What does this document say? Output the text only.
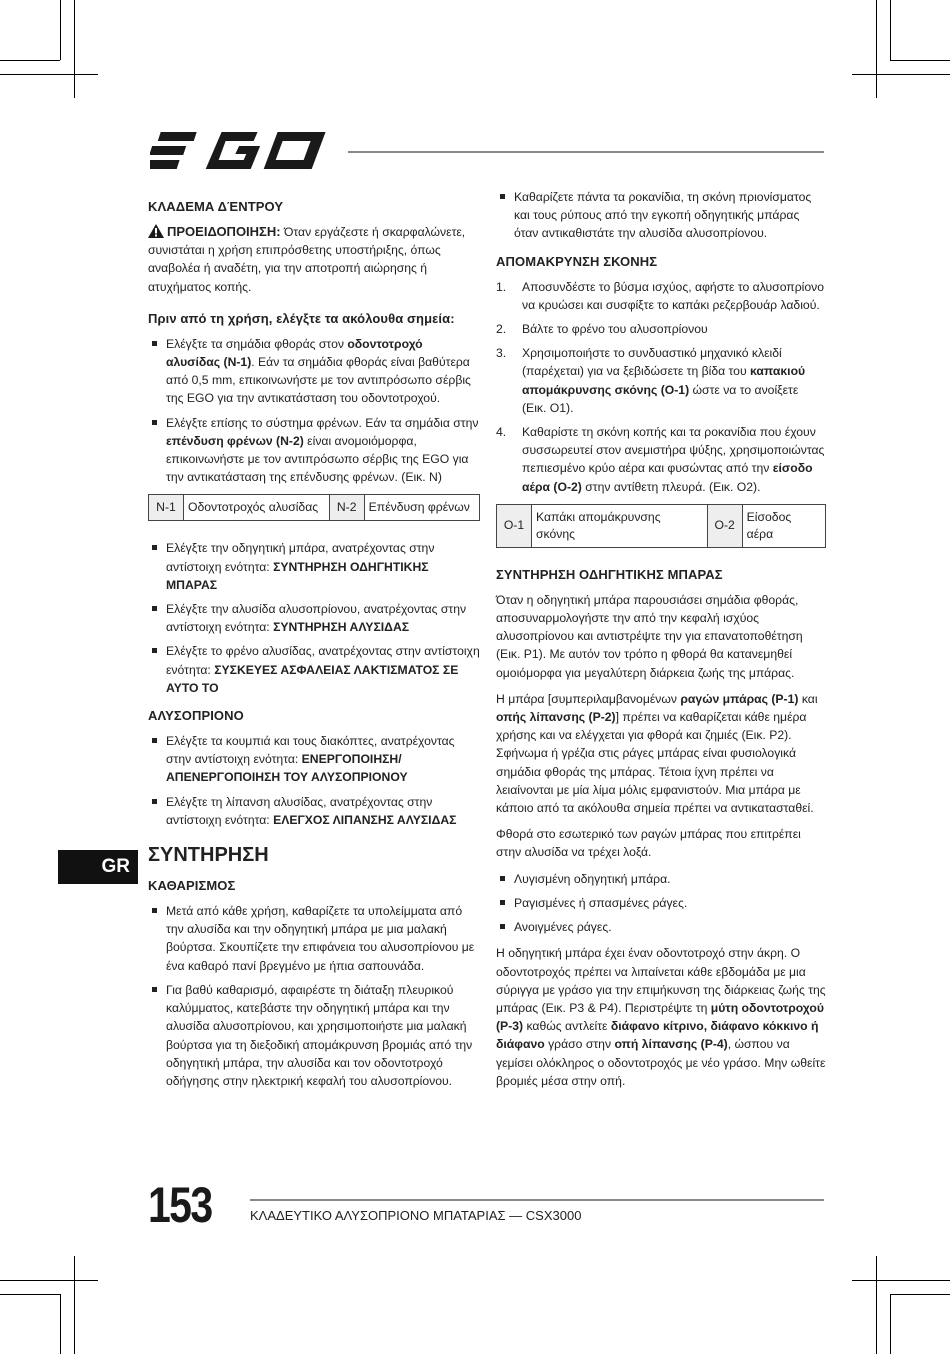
ΚΛΑΔΕΜΑ ΔΈΝΤΡΟΥ

ΠΡΟΕΙΔΟΠΟΙΗΣΗ: Όταν εργάζεστε ή σκαρφαλώνετε, συνιστάται η χρήση επιπρόσθετης υποστήριξης, όπως αναβολέα ή αναδέτη, για την αποτροπή αιώρησης ή ατυχήματος κοπής.

Πριν από τη χρήση, ελέγξτε τα ακόλουθα σημεία:
Ελέγξτε τα σημάδια φθοράς στον οδοντοτροχό αλυσίδας (N-1). Εάν τα σημάδια φθοράς είναι βαθύτερα από 0,5 mm, επικοινωνήστε με τον αντιπρόσωπο σέρβις της EGO για την αντικατάσταση του οδοντοτροχού.
Ελέγξτε επίσης το σύστημα φρένων. Εάν τα σημάδια στην επένδυση φρένων (N-2) είναι ανομοιόμορφα, επικοινωνήστε με τον αντιπρόσωπο σέρβις της EGO για την αντικατάσταση της επένδυσης φρένων. (Εικ. N)
N-1	Οδοντοτροχός αλυσίδας	N-2	Επένδυση φρένων
Ελέγξτε την οδηγητική μπάρα, ανατρέχοντας στην αντίστοιχη ενότητα: ΣΥΝΤΗΡΗΣΗ ΟΔΗΓΗΤΙΚΗΣ ΜΠΑΡΑΣ
Ελέγξτε την αλυσίδα αλυσοπρίονου, ανατρέχοντας στην αντίστοιχη ενότητα: ΣΥΝΤΗΡΗΣΗ ΑΛΥΣΙΔΑΣ
Ελέγξτε το φρένο αλυσίδας, ανατρέχοντας στην αντίστοιχη ενότητα: ΣΥΣΚΕΥΕΣ ΑΣΦΑΛΕΙΑΣ ΛΑΚΤΙΣΜΑΤΟΣ ΣΕ ΑΥΤΟ ΤΟ
ΑΛΥΣΟΠΡΙΟΝΟ
Ελέγξτε τα κουμπιά και τους διακόπτες, ανατρέχοντας στην αντίστοιχη ενότητα: ΕΝΕΡΓΟΠΟΙΗΣΗ/ ΑΠΕΝΕΡΓΟΠΟΙΗΣΗ ΤΟΥ ΑΛΥΣΟΠΡΙΟΝΟΥ
Ελέγξτε τη λίπανση αλυσίδας, ανατρέχοντας στην αντίστοιχη ενότητα: ΕΛΕΓΧΟΣ ΛΙΠΑΝΣΗΣ ΑΛΥΣΙΔΑΣ
ΣΥΝΤΗΡΗΣΗ
ΚΑΘΑΡΙΣΜΟΣ
Μετά από κάθε χρήση, καθαρίζετε τα υπολείμματα από την αλυσίδα και την οδηγητική μπάρα με μια μαλακή βούρτσα. Σκουπίζετε την επιφάνεια του αλυσοπρίονου με ένα καθαρό πανί βρεγμένο με ήπια σαπουνάδα.
Για βαθύ καθαρισμό, αφαιρέστε τη διάταξη πλευρικού καλύμματος, κατεβάστε την οδηγητική μπάρα και την αλυσίδα αλυσοπρίονου, και χρησιμοποιήστε μια μαλακή βούρτσα για τη διεξοδική απομάκρυνση βρομιάς από την οδηγητική μπάρα, την αλυσίδα και τον οδοντοτροχό οδήγησης στην ηλεκτρική κεφαλή του αλυσοπρίονου.
Καθαρίζετε πάντα τα ροκανίδια, τη σκόνη πριονίσματος και τους ρύπους από την εγκοπή οδηγητικής μπάρας όταν αντικαθιστάτε την αλυσίδα αλυσοπρίονου.
ΑΠΟΜΑΚΡΥΝΣΗ ΣΚΟΝΗΣ
1. Αποσυνδέστε το βύσμα ισχύος, αφήστε το αλυσοπρίονο να κρυώσει και συσφίξτε το καπάκι ρεζερβουάρ λαδιού.
2. Βάλτε το φρένο του αλυσοπρίονου
3. Χρησιμοποιήστε το συνδυαστικό μηχανικό κλειδί (παρέχεται) για να ξεβιδώσετε τη βίδα του καπακιού απομάκρυνσης σκόνης (O-1) ώστε να το ανοίξετε (Εικ. O1).
4. Καθαρίστε τη σκόνη κοπής και τα ροκανίδια που έχουν συσσωρευτεί στον ανεμιστήρα ψύξης, χρησιμοποιώντας πεπιεσμένο κρύο αέρα και φυσώντας από την είσοδο αέρα (O-2) στην αντίθετη πλευρά. (Εικ. O2).
O-1	Καπάκι απομάκρυνσης σκόνης	O-2	Είσοδος αέρα
ΣΥΝΤΗΡΗΣΗ ΟΔΗΓΗΤΙΚΗΣ ΜΠΑΡΑΣ

Όταν η οδηγητική μπάρα παρουσιάσει σημάδια φθοράς, αποσυναρμολογήστε την από την κεφαλή ισχύος αλυσοπρίονου και αντιστρέψτε την για επανατοποθέτηση (Εικ. P1). Με αυτόν τον τρόπο η φθορά θα κατανεμηθεί ομοιόμορφα για μεγαλύτερη διάρκεια ζωής της μπάρας.

Η μπάρα [συμπεριλαμβανομένων ραγών μπάρας (P-1) και οπής λίπανσης (P-2)] πρέπει να καθαρίζεται κάθε ημέρα χρήσης και να ελέγχεται για φθορά και ζημιές (Εικ. P2). Σφήνωμα ή γρέζια στις ράγες μπάρας είναι φυσιολογικά σημάδια φθοράς της μπάρας. Τέτοια ίχνη πρέπει να λειαίνονται με μία λίμα μόλις εμφανιστούν. Μια μπάρα με κάποιο από τα ακόλουθα σημεία πρέπει να αντικατασταθεί.

Φθορά στο εσωτερικό των ραγών μπάρας που επιτρέπει στην αλυσίδα να τρέχει λοξά.

Λυγισμένη οδηγητική μπάρα.
Ραγισμένες ή σπασμένες ράγες.
Ανοιγμένες ράγες.

Η οδηγητική μπάρα έχει έναν οδοντοτροχό στην άκρη. Ο οδοντοτροχός πρέπει να λιπαίνεται κάθε εβδομάδα με μια σύριγγα με γράσο για την επιμήκυνση της διάρκειας ζωής της μπάρας (Εικ. P3 & P4). Περιστρέψτε τη μύτη οδοντοτροχού (P-3) καθώς αντλείτε διάφανο κίτρινο, διάφανο κόκκινο ή διάφανο γράσο στην οπή λίπανσης (P-4), ώσπου να γεμίσει ολόκληρος ο οδοντοτροχός με νέο γράσο. Μην ωθείτε βρομιές μέσα στην οπή.

GR
153	ΚΛΑΔΕΥΤΙΚΟ ΑΛΥΣΟΠΡΙΟΝΟ ΜΠΑΤΑΡΙΑΣ — CSX3000
